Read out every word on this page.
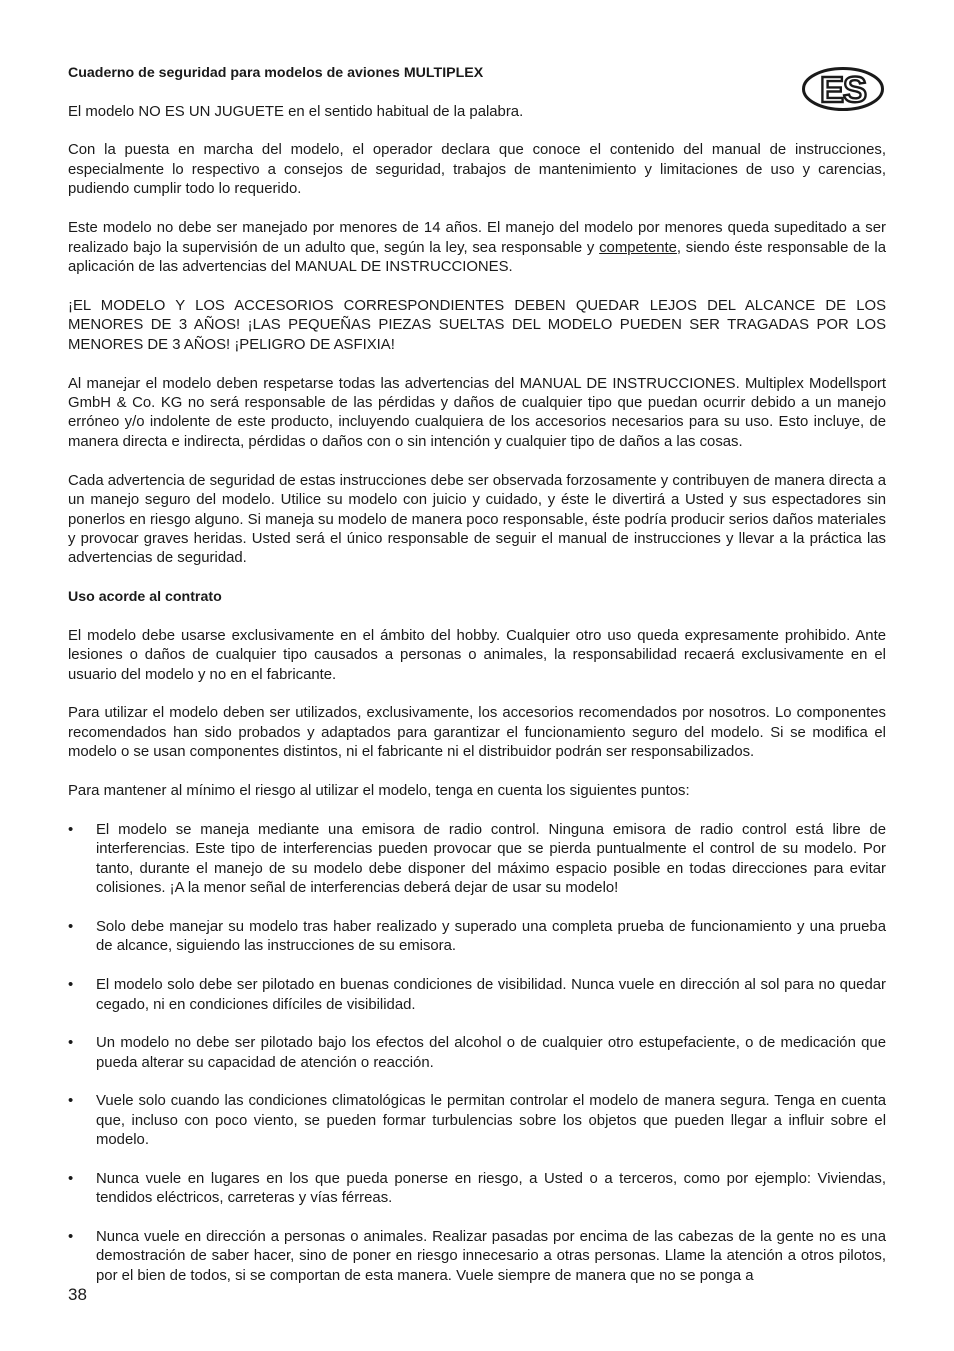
ES

Cuaderno de seguridad para modelos de aviones MULTIPLEX

El modelo NO ES UN JUGUETE en el sentido habitual de la palabra.

Con la puesta en marcha del modelo, el operador declara que conoce el contenido del manual de instrucciones, especialmente lo respectivo a consejos de seguridad, trabajos de mantenimiento y limitaciones de uso y carencias, pudiendo cumplir todo lo requerido.

Este modelo no debe ser manejado por menores de 14 años. El manejo del modelo por menores queda supeditado a ser realizado bajo la supervisión de un adulto que, según la ley, sea responsable y competente, siendo éste responsable de la aplicación de las advertencias del MANUAL DE INSTRUCCIONES.

¡EL MODELO Y LOS ACCESORIOS CORRESPONDIENTES DEBEN QUEDAR LEJOS DEL ALCANCE DE LOS MENORES DE 3 AÑOS! ¡LAS PEQUEÑAS PIEZAS SUELTAS DEL MODELO PUEDEN SER TRAGADAS POR LOS MENORES DE 3 AÑOS! ¡PELIGRO DE ASFIXIA!

Al manejar el modelo deben respetarse todas las advertencias del MANUAL DE INSTRUCCIONES. Multiplex Modellsport GmbH & Co. KG no será responsable de las pérdidas y daños de cualquier tipo que puedan ocurrir debido a un manejo erróneo y/o indolente de este producto, incluyendo cualquiera de los accesorios necesarios para su uso. Esto incluye, de manera directa e indirecta, pérdidas o daños con o sin intención y cualquier tipo de daños a las cosas.

Cada advertencia de seguridad de estas instrucciones debe ser observada forzosamente y contribuyen de manera directa a un manejo seguro del modelo. Utilice su modelo con juicio y cuidado, y éste le divertirá a Usted y sus espectadores sin ponerlos en riesgo alguno. Si maneja su modelo de manera poco responsable, éste podría producir serios daños materiales y provocar graves heridas. Usted será el único responsable de seguir el manual de instrucciones y llevar a la práctica las advertencias de seguridad.

Uso acorde al contrato

El modelo debe usarse exclusivamente en el ámbito del hobby. Cualquier otro uso queda expresamente prohibido. Ante lesiones o daños de cualquier tipo causados a personas o animales, la responsabilidad recaerá exclusivamente en el usuario del modelo y no en el fabricante.

Para utilizar el modelo deben ser utilizados, exclusivamente, los accesorios recomendados por nosotros. Lo componentes recomendados han sido probados y adaptados para garantizar el funcionamiento seguro del modelo. Si se modifica el modelo o se usan componentes distintos, ni el fabricante ni el distribuidor podrán ser responsabilizados.

Para mantener al mínimo el riesgo al utilizar el modelo, tenga en cuenta los siguientes puntos:

• El modelo se maneja mediante una emisora de radio control. Ninguna emisora de radio control está libre de interferencias. Este tipo de interferencias pueden provocar que se pierda puntualmente el control de su modelo. Por tanto, durante el manejo de su modelo debe disponer del máximo espacio posible en todas direcciones para evitar colisiones. ¡A la menor señal de interferencias deberá dejar de usar su modelo!
• Solo debe manejar su modelo tras haber realizado y superado una completa prueba de funcionamiento y una prueba de alcance, siguiendo las instrucciones de su emisora.
• El modelo solo debe ser pilotado en buenas condiciones de visibilidad. Nunca vuele en dirección al sol para no quedar cegado, ni en condiciones difíciles de visibilidad.
• Un modelo no debe ser pilotado bajo los efectos del alcohol o de cualquier otro estupefaciente, o de medicación que pueda alterar su capacidad de atención o reacción.
• Vuele solo cuando las condiciones climatológicas le permitan controlar el modelo de manera segura. Tenga en cuenta que, incluso con poco viento, se pueden formar turbulencias sobre los objetos que pueden llegar a influir sobre el modelo.
• Nunca vuele en lugares en los que pueda ponerse en riesgo, a Usted o a terceros, como por ejemplo: Viviendas, tendidos eléctricos, carreteras y vías férreas.
• Nunca vuele en dirección a personas o animales. Realizar pasadas por encima de las cabezas de la gente no es una demostración de saber hacer, sino de poner en riesgo innecesario a otras personas. Llame la atención a otros pilotos, por el bien de todos, si se comportan de esta manera. Vuele siempre de manera que no se ponga a
38
